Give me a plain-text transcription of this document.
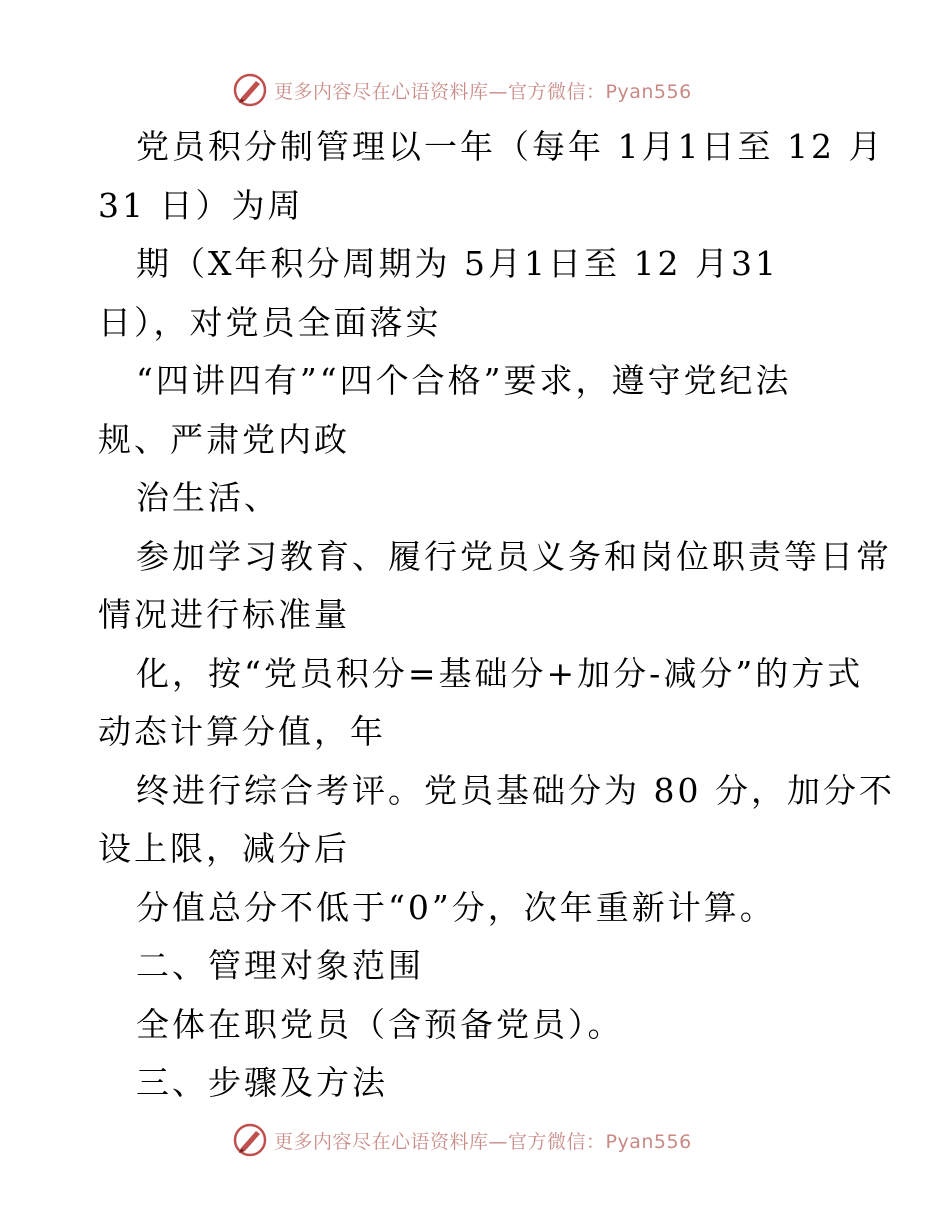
更多内容尽在心语资料库—官方微信：Pyan556
党员积分制管理以一年（每年 1月1日至 12 月
31 日）为周
期（X年积分周期为 5月1日至 12 月31
日），对党员全面落实
“四讲四有”“四个合格”要求，遵守党纪法
规、严肃党内政
治生活、
参加学习教育、履行党员义务和岗位职责等日常
情况进行标准量
化，按“党员积分=基础分+加分-减分”的方式
动态计算分值，年
终进行综合考评。党员基础分为 80 分，加分不
设上限，减分后
分值总分不低于“0”分，次年重新计算。
二、管理对象范围
全体在职党员（含预备党员）。
三、步骤及方法
更多内容尽在心语资料库—官方微信：Pyan556
